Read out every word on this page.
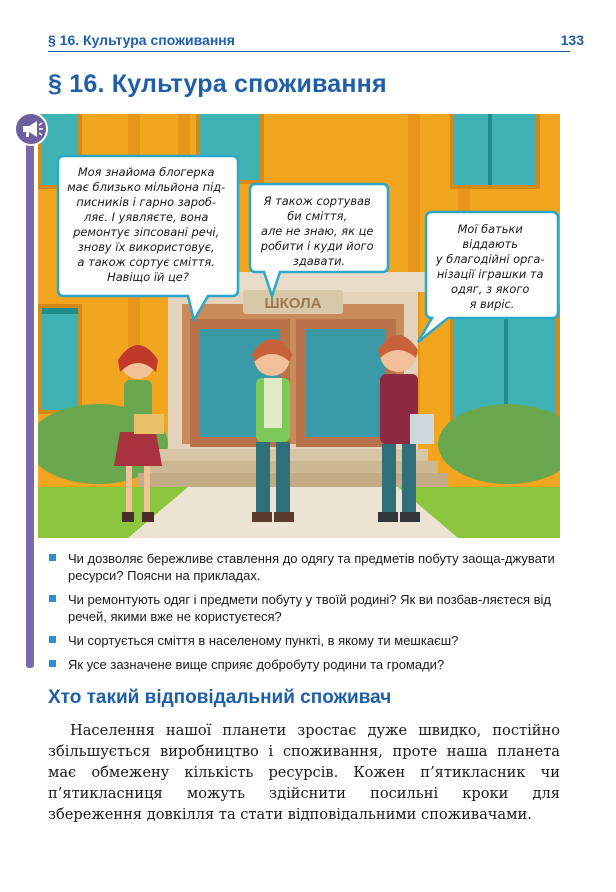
§ 16. Культура споживання	133
§ 16. Культура споживання
ШКОЛА
Моя знайома блогерка має близько мільйона під- писників і гарно зароб- ляє. І уявляєте, вона ремонтує зіпсовані речі, знову їх використовує, а також сортує сміття. Навіщо їй це?
Я також сортував би сміття, але не знаю, як це робити і куди його здавати.
Мої батьки віддають у благодійні орга- нізації іграшки та одяг, з якого я виріс.
Чи дозволяє бережливе ставлення до одягу та предметів побуту заоща-джувати ресурси? Поясни на прикладах.
Чи ремонтують одяг і предмети побуту у твоїй родині? Як ви позбав-ляєтеся від речей, якими вже не користуєтеся?
Чи сортується сміття в населеному пункті, в якому ти мешкаєш?
Як усе зазначене вище сприяє добробуту родини та громади?
Хто такий відповідальний споживач

Населення нашої планети зростає дуже швидко, постійно збільшується виробництво і споживання, проте наша планета має обмежену кількість ресурсів. Кожен п’ятикласник чи п’ятикласниця можуть здійснити посильні кроки для збереження довкілля та стати відповідальними споживачами.
